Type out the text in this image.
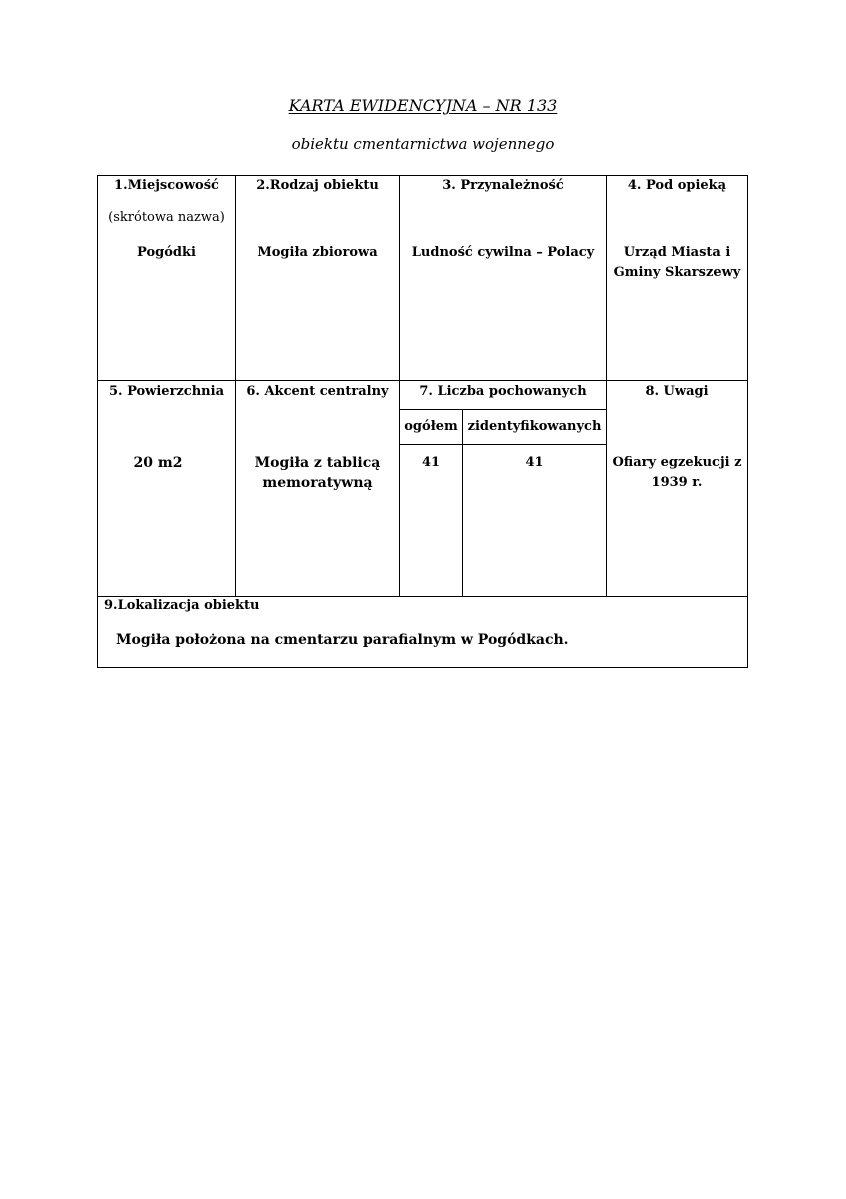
KARTA EWIDENCYJNA – NR 133
obiektu cmentarnictwa wojennego
1.Miejscowość
(skrótowa nazwa)
Pogódki
2.Rodzaj obiektu
Mogiła zbiorowa
3. Przynależność
Ludność cywilna – Polacy
4. Pod opieką
Urząd Miasta i
Gminy Skarszewy
5. Powierzchnia
20 m2
6. Akcent centralny
Mogiła z tablicą
memoratywną
7. Liczba pochowanych
ogółem zidentyfikowanych
41	41
8. Uwagi
Ofiary egzekucji z
1939 r.
9.Lokalizacja obiektu
Mogiła położona na cmentarzu parafialnym w Pogódkach.
